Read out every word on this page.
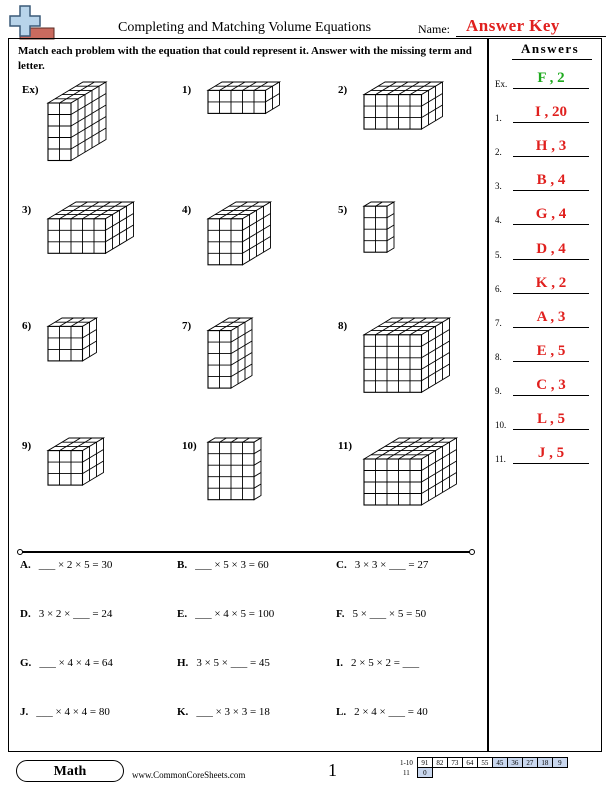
Completing and Matching Volume Equations	Name: Answer Key
Match each problem with the equation that could represent it. Answer with the missing term and letter.
Answers
Ex.	F , 2
1.	I , 20
2.	H , 3
3.	B , 4
4.	G , 4
5.	D , 4
6.	K , 2
7.	A , 3
8.	E , 5
9.	C , 3
10.	L , 5
11.	J , 5
Ex)	1)	2)
3)	4)	5)
6)	7)	8)
9)	10)	11)
A. ___ × 2 × 5 = 30	B. ___ × 5 × 3 = 60	C. 3 × 3 × ___ = 27
D. 3 × 2 × ___ = 24	E. ___ × 4 × 5 = 100	F. 5 × ___ × 5 = 50
G. ___ × 4 × 4 = 64	H. 3 × 5 × ___ = 45	I. 2 × 5 × 2 = ___
J. ___ × 4 × 4 = 80	K. ___ × 3 × 3 = 18	L. 2 × 4 × ___ = 40
Math	www.CommonCoreSheets.com	1	1-10	91	82	73	64	55	45	36	27	18	9
11	0									
